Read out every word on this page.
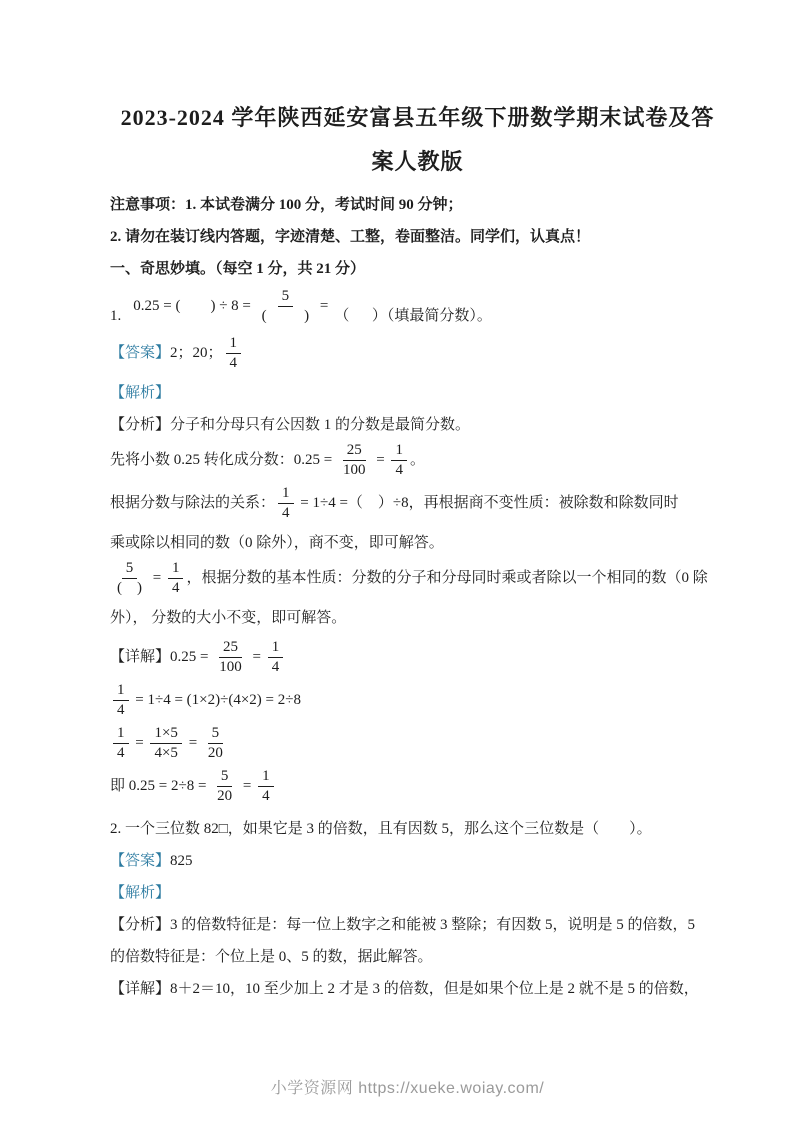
2023-2024 学年陕西延安富县五年级下册数学期末试卷及答
案人教版
注意事项：1. 本试卷满分 100 分，考试时间 90 分钟；
2. 请勿在装订线内答题，字迹清楚、工整，卷面整洁。同学们，认真点！
一、奇思妙填。（每空 1 分，共 21 分）
1.
0.25 = (        ) ÷ $8 = \frac{5}{( )}$ =
（      ）（填最简分数）。
【答案】 2；20； $\frac{1}{4}$
【解析】
【分析】分子和分母只有公因数 1 的分数是最简分数。
先将小数 0.25 转化成分数：$0.25 = \frac{25}{100} = \frac{1}{4}$ 。
根据分数与除法的关系： $\frac{1}{4} = 1\div 4$ =（    ）÷8，再根据商不变性质：被除数和除数同时
乘或除以相同的数（0 除外），商不变，即可解答。
$\frac{5}{( )} = \frac{1}{4}$ ，根据分数的基本性质：分数的分子和分母同时乘或者除以一个相同的数（0 除
外）， 分数的大小不变，即可解答。
【详解】 $0.25 = \frac{25}{100} = \frac{1}{4}$
$\frac{1}{4} = 1\div 4 = (1\times 2)\div(4\times 2) = 2\div 8$
$\frac{1}{4} = \frac{1\times 5}{4\times 5} = \frac{5}{20}$
即 $0.25 = 2\div 8 = \frac{5}{20} = \frac{1}{4}$
2. 一个三位数 82□，如果它是 3 的倍数，且有因数 5，那么这个三位数是（        ）。
【答案】825
【解析】
【分析】3 的倍数特征是：每一位上数字之和能被 3 整除；有因数 5，说明是 5 的倍数，5
的倍数特征是：个位上是 0、5 的数，据此解答。
【详解】8＋2＝10，10 至少加上 2 才是 3 的倍数，但是如果个位上是 2 就不是 5 的倍数，
小学资源网 https://xueke.woiay.com/
